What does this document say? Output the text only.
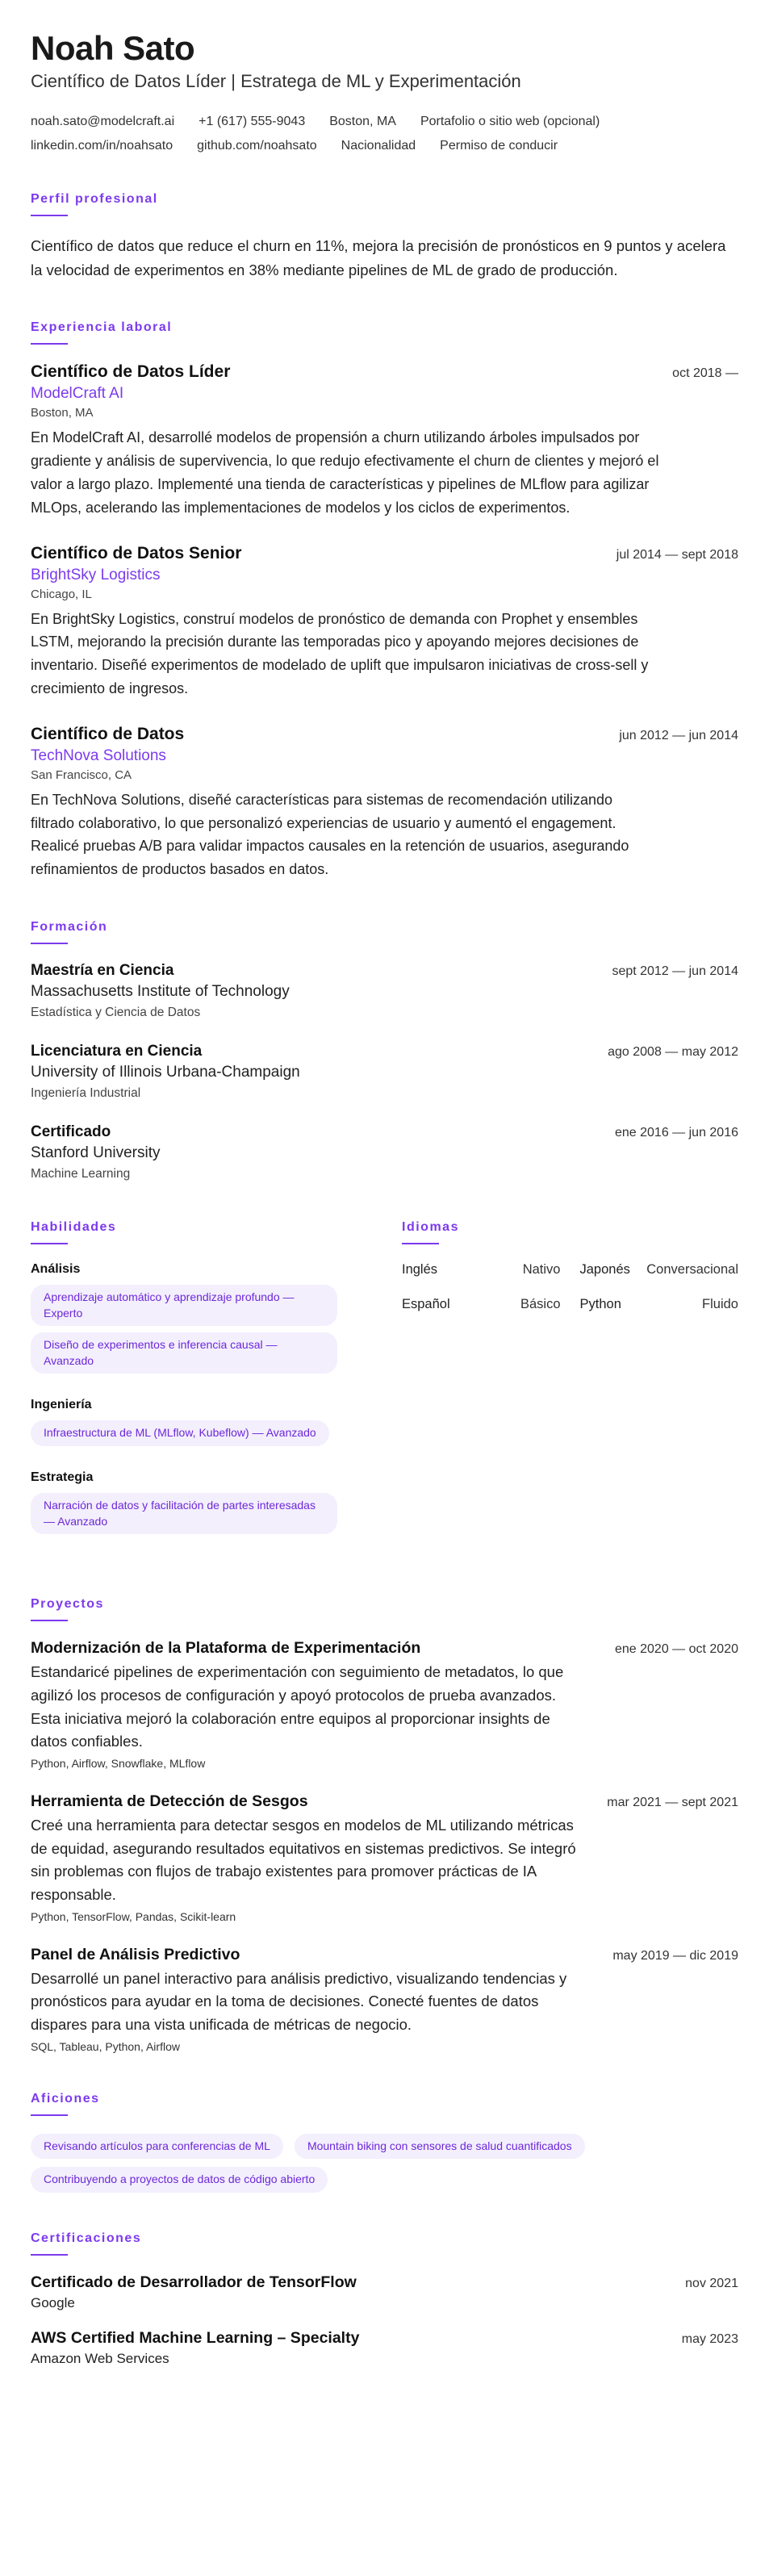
Noah Sato
Científico de Datos Líder | Estratega de ML y Experimentación
noah.sato@modelcraft.ai +1 (617) 555-9043 Boston, MA Portafolio o sitio web (opcional)
linkedin.com/in/noahsato github.com/noahsato Nacionalidad Permiso de conducir
Perfil profesional

Científico de datos que reduce el churn en 11%, mejora la precisión de pronósticos en 9 puntos y acelera la velocidad de experimentos en 38% mediante pipelines de ML de grado de producción.

Experiencia laboral
Científico de Datos Líder	oct 2018 —
ModelCraft AI
Boston, MA
En ModelCraft AI, desarrollé modelos de propensión a churn utilizando árboles impulsados por gradiente y análisis de supervivencia, lo que redujo efectivamente el churn de clientes y mejoró el valor a largo plazo. Implementé una tienda de características y pipelines de MLflow para agilizar MLOps, acelerando las implementaciones de modelos y los ciclos de experimentos.
Científico de Datos Senior	jul 2014 — sept 2018
BrightSky Logistics
Chicago, IL
En BrightSky Logistics, construí modelos de pronóstico de demanda con Prophet y ensembles LSTM, mejorando la precisión durante las temporadas pico y apoyando mejores decisiones de inventario. Diseñé experimentos de modelado de uplift que impulsaron iniciativas de cross-sell y crecimiento de ingresos.
Científico de Datos	jun 2012 — jun 2014
TechNova Solutions
San Francisco, CA
En TechNova Solutions, diseñé características para sistemas de recomendación utilizando filtrado colaborativo, lo que personalizó experiencias de usuario y aumentó el engagement. Realicé pruebas A/B para validar impactos causales en la retención de usuarios, asegurando refinamientos de productos basados en datos.
Formación
Maestría en Ciencia	sept 2012 — jun 2014
Massachusetts Institute of Technology
Estadística y Ciencia de Datos
Licenciatura en Ciencia	ago 2008 — may 2012
University of Illinois Urbana-Champaign
Ingeniería Industrial
Certificado	ene 2016 — jun 2016
Stanford University
Machine Learning
Habilidades
Análisis
Aprendizaje automático y aprendizaje profundo — Experto Diseño de experimentos e inferencia causal — Avanzado
Ingeniería
Infraestructura de ML (MLflow, Kubeflow) — Avanzado
Estrategia
Narración de datos y facilitación de partes interesadas — Avanzado
Idiomas
Inglés	Nativo Japonés Conversacional
Español	Básico Python	Fluido
Proyectos
Modernización de la Plataforma de Experimentación	ene 2020 — oct 2020
Estandaricé pipelines de experimentación con seguimiento de metadatos, lo que agilizó los procesos de configuración y apoyó protocolos de prueba avanzados. Esta iniciativa mejoró la colaboración entre equipos al proporcionar insights de datos confiables.
Python, Airflow, Snowflake, MLflow
Herramienta de Detección de Sesgos	mar 2021 — sept 2021
Creé una herramienta para detectar sesgos en modelos de ML utilizando métricas de equidad, asegurando resultados equitativos en sistemas predictivos. Se integró sin problemas con flujos de trabajo existentes para promover prácticas de IA responsable.
Python, TensorFlow, Pandas, Scikit-learn
Panel de Análisis Predictivo	may 2019 — dic 2019
Desarrollé un panel interactivo para análisis predictivo, visualizando tendencias y pronósticos para ayudar en la toma de decisiones. Conecté fuentes de datos dispares para una vista unificada de métricas de negocio.
SQL, Tableau, Python, Airflow
Aficiones
Revisando artículos para conferencias de ML	Mountain biking con sensores de salud cuantificados
Contribuyendo a proyectos de datos de código abierto
Certificaciones
Certificado de Desarrollador de TensorFlow	nov 2021
Google
AWS Certified Machine Learning – Specialty	may 2023
Amazon Web Services
